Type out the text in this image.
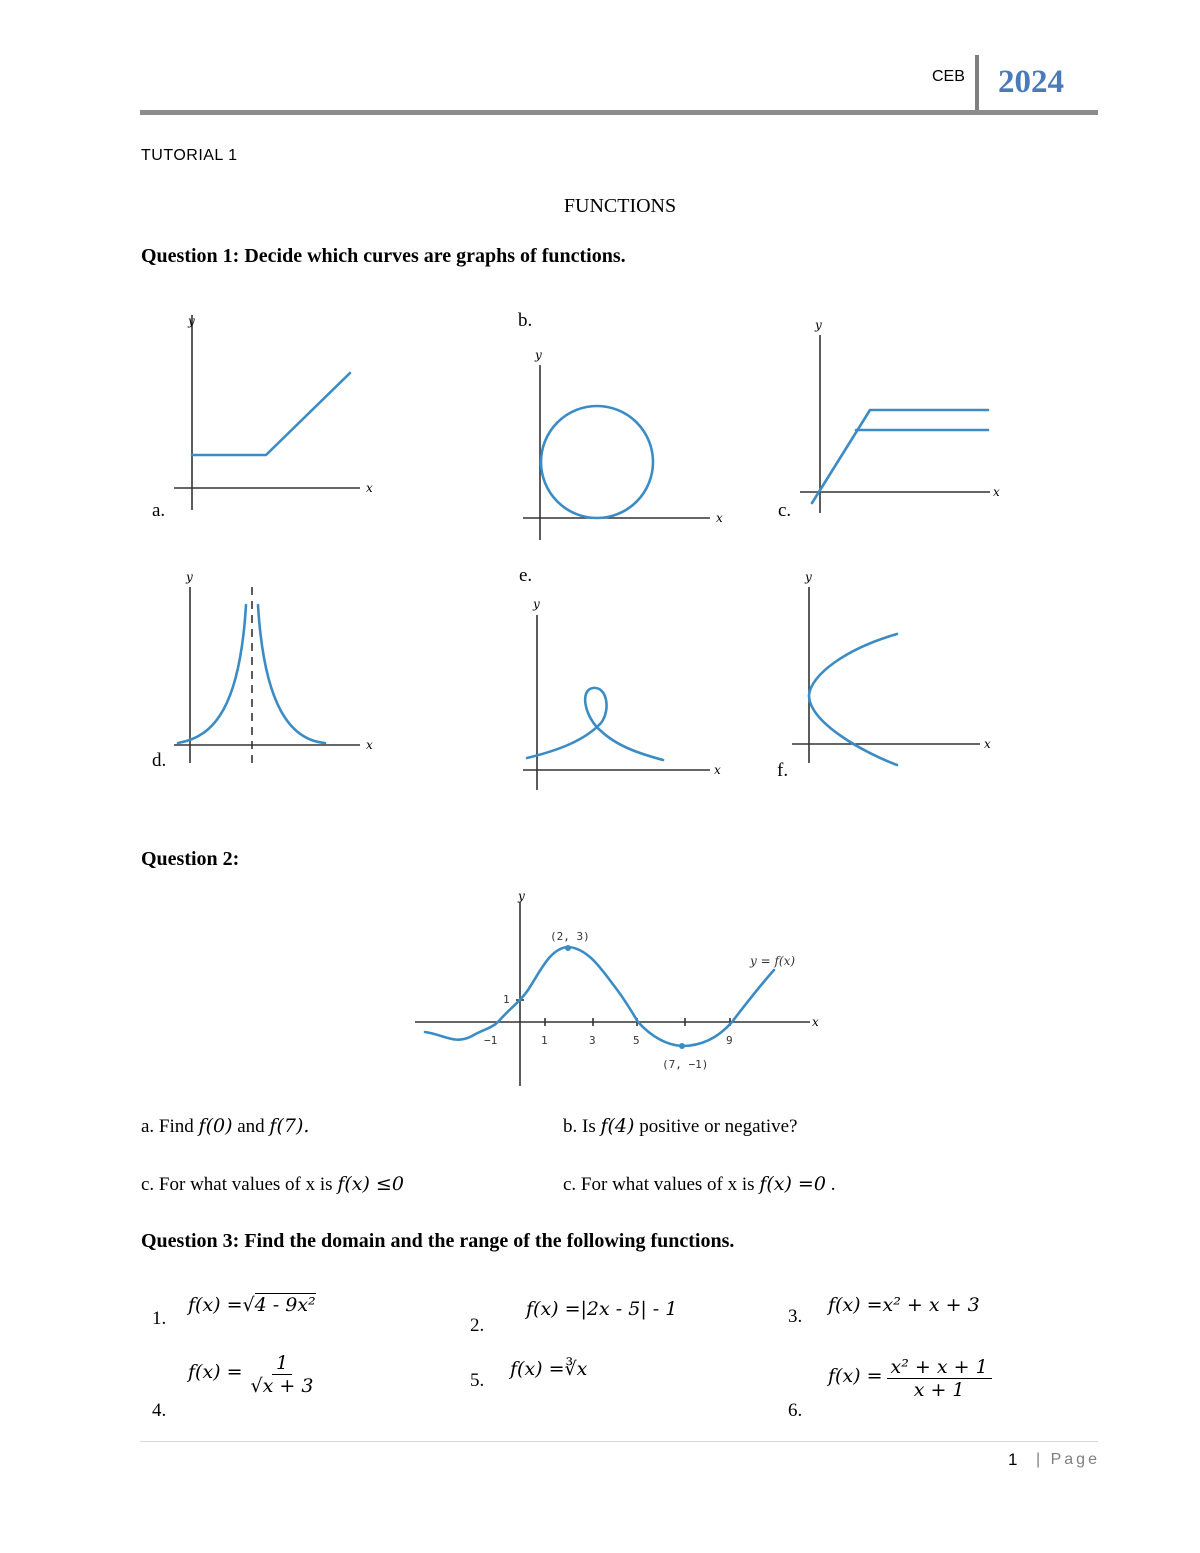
CEB 2024
TUTORIAL 1
FUNCTIONS
Question 1: Decide which curves are graphs of functions.
y
x
a.
b.
y
x
y
x
c.
y
x
d.
e.
y
x
y
x
f.
Question 2:
y
x
(2, 3)
(7, −1)
y = f(x)
1
−1	1	3	5	9
a. Find f(0) and f(7).	b. Is f(4) positive or negative?
c. For what values of x is f(x) ≤0	c. For what values of x is f(x) =0 .
Question 3: Find the domain and the range of the following functions.
1.
f(x) =√4 - 9x²
2.
f(x) =|2x - 5| - 1	3.
f(x) =x² + x + 3
4.
$f(x) = \frac{1}{√x + 3}$	5.
f(x) =∛x
6.
$f(x) = \frac{\text{x² + x + 1}}{x + 1}$
1 | Page
